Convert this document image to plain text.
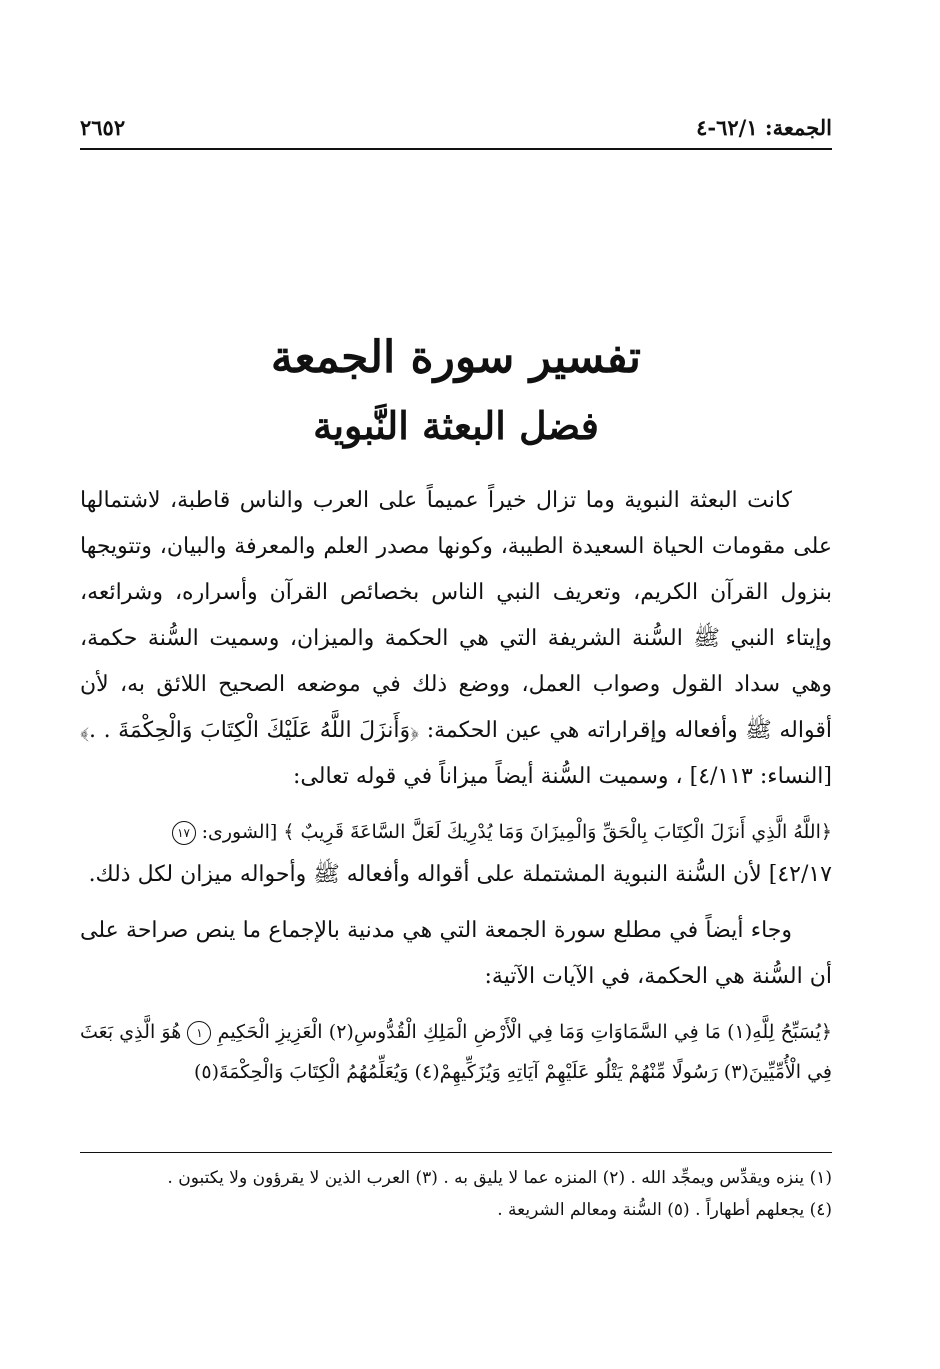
الجمعة: ٦٢/١-٤
٢٦٥٢
تفسير سورة الجمعة
فضل البعثة النَّبوية

كانت البعثة النبوية وما تزال خيراً عميماً على العرب والناس قاطبة، لاشتمالها على مقومات الحياة السعيدة الطيبة، وكونها مصدر العلم والمعرفة والبيان، وتتويجها بنزول القرآن الكريم، وتعريف النبي الناس بخصائص القرآن وأسراره، وشرائعه، وإيتاء النبي ﷺ السُّنة الشريفة التي هي الحكمة والميزان، وسميت السُّنة حكمة، وهي سداد القول وصواب العمل، ووضع ذلك في موضعه الصحيح اللائق به، لأن أقواله ﷺ وأفعاله وإقراراته هي عين الحكمة: ﴿وَأَنزَلَ اللَّهُ عَلَيْكَ الْكِتَابَ وَالْحِكْمَةَ . .﴾ [النساء: ٤/١١٣] ، وسميت السُّنة أيضاً ميزاناً في قوله تعالى:

﴿اللَّهُ الَّذِي أَنزَلَ الْكِتَابَ بِالْحَقِّ وَالْمِيزَانَ وَمَا يُدْرِيكَ لَعَلَّ السَّاعَةَ قَرِيبٌ ﴾ [الشورى: ١٧

٤٢/١٧] لأن السُّنة النبوية المشتملة على أقواله وأفعاله ﷺ وأحواله ميزان لكل ذلك.

وجاء أيضاً في مطلع سورة الجمعة التي هي مدنية بالإجماع ما ينص صراحة على أن السُّنة هي الحكمة، في الآيات الآتية:

﴿يُسَبِّحُ لِلَّهِ(١) مَا فِي السَّمَاوَاتِ وَمَا فِي الْأَرْضِ الْمَلِكِ الْقُدُّوسِ(٢) الْعَزِيزِ الْحَكِيمِ ١ هُوَ الَّذِي بَعَثَ فِي الْأُمِّيِّينَ(٣) رَسُولًا مِّنْهُمْ يَتْلُو عَلَيْهِمْ آيَاتِهِ وَيُزَكِّيهِمْ(٤) وَيُعَلِّمُهُمُ الْكِتَابَ وَالْحِكْمَةَ(٥)

(١) ينزه ويقدِّس ويمجِّد الله . (٢) المنزه عما لا يليق به . (٣) العرب الذين لا يقرؤون ولا يكتبون .

(٤) يجعلهم أطهاراً . (٥) السُّنة ومعالم الشريعة .
